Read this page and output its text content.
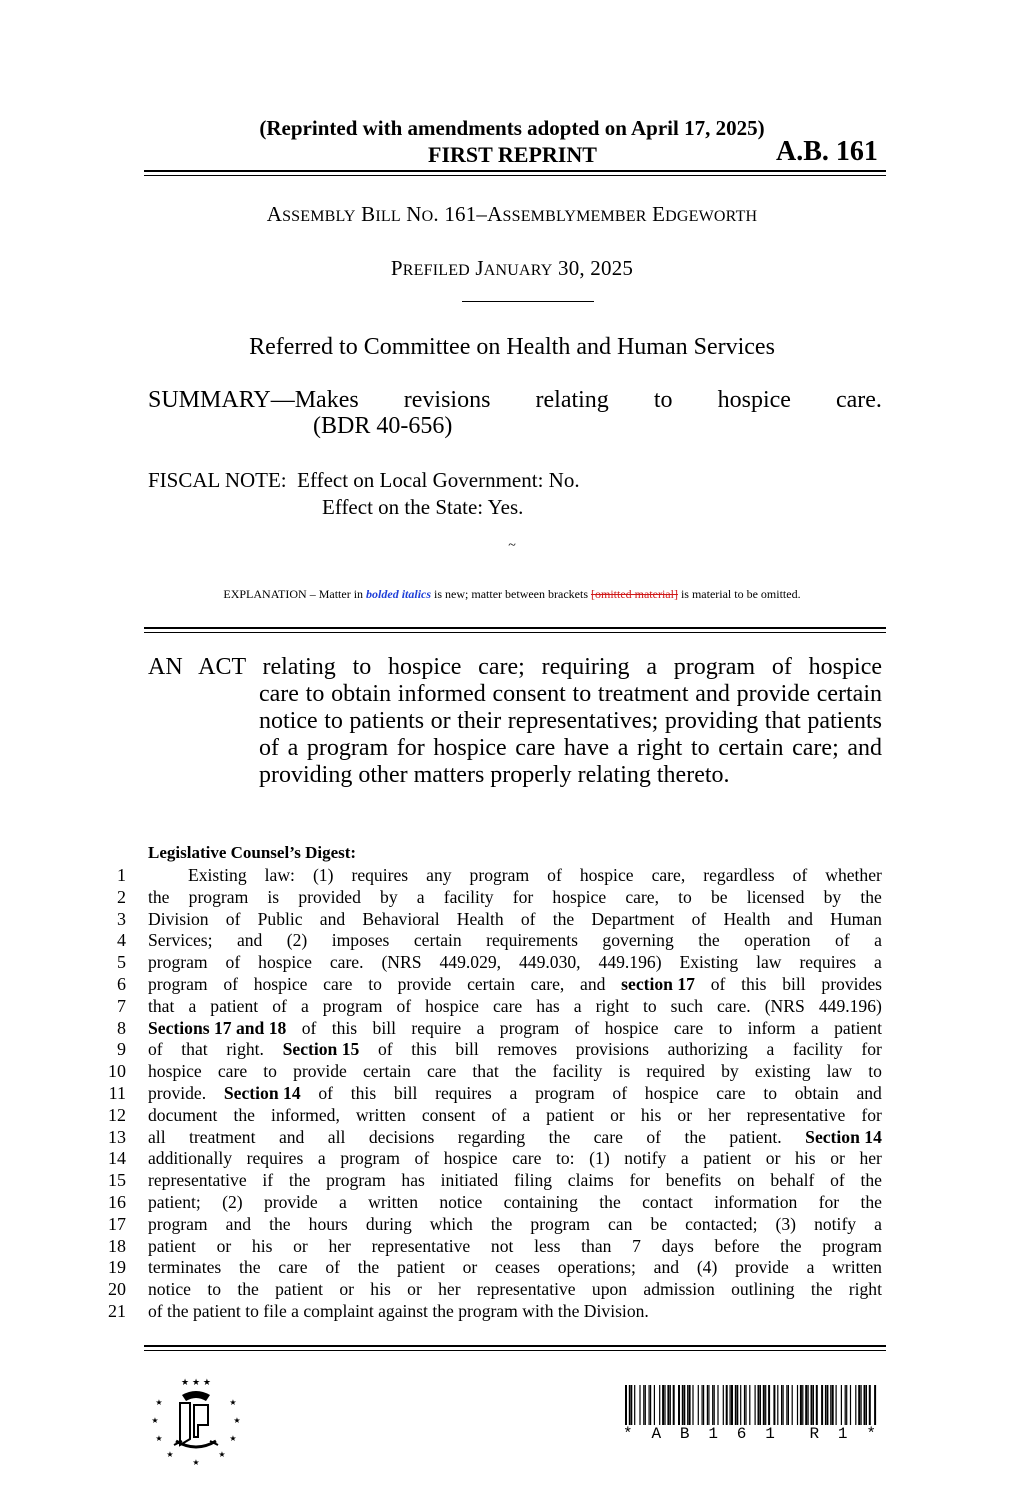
(Reprinted with amendments adopted on April 17, 2025)
FIRST REPRINT	A.B. 161
ASSEMBLY BILL NO. 161–ASSEMBLYMEMBER EDGEWORTH
PREFILED JANUARY 30, 2025
Referred to Committee on Health and Human Services
SUMMARY—Makes revisions relating to hospice care.
(BDR 40-656)
FISCAL NOTE:  Effect on Local Government: No.
Effect on the State: Yes.
~
EXPLANATION – Matter in bolded italics is new; matter between brackets [omitted material] is material to be omitted.
AN ACT relating to hospice care; requiring a program of hospice
care to obtain informed consent to treatment and provide certain notice to patients or their representatives; providing that patients of a program for hospice care have a right to certain care; and providing other matters properly relating thereto.
Legislative Counsel’s Digest:
1	Existing law: (1) requires any program of hospice care, regardless of whether
2 the program is provided by a facility for hospice care, to be licensed by the
3 Division of Public and Behavioral Health of the Department of Health and Human
4 Services; and (2) imposes certain requirements governing the operation of a
5 program of hospice care. (NRS 449.029, 449.030, 449.196) Existing law requires a
6 program of hospice care to provide certain care, and section 17 of this bill provides
7 that a patient of a program of hospice care has a right to such care. (NRS 449.196)
8 Sections 17 and 18 of this bill require a program of hospice care to inform a patient
9 of that right. Section 15 of this bill removes provisions authorizing a facility for
10 hospice care to provide certain care that the facility is required by existing law to
11 provide. Section 14 of this bill requires a program of hospice care to obtain and
12 document the informed, written consent of a patient or his or her representative for
13 all treatment and all decisions regarding the care of the patient. Section 14
14 additionally requires a program of hospice care to: (1) notify a patient or his or her
15 representative if the program has initiated filing claims for benefits on behalf of the
16 patient; (2) provide a written notice containing the contact information for the
17 program and the hours during which the program can be contacted; (3) notify a
18 patient or his or her representative not less than 7 days before the program
19 terminates the care of the patient or ceases operations; and (4) provide a written
20 notice to the patient or his or her representative upon admission outlining the right
21 of the patient to file a complaint against the program with the Division.
★ ★ ★
★	★
★	★
★	★
★	★
★
* A B 1 6 1 R 1 *
